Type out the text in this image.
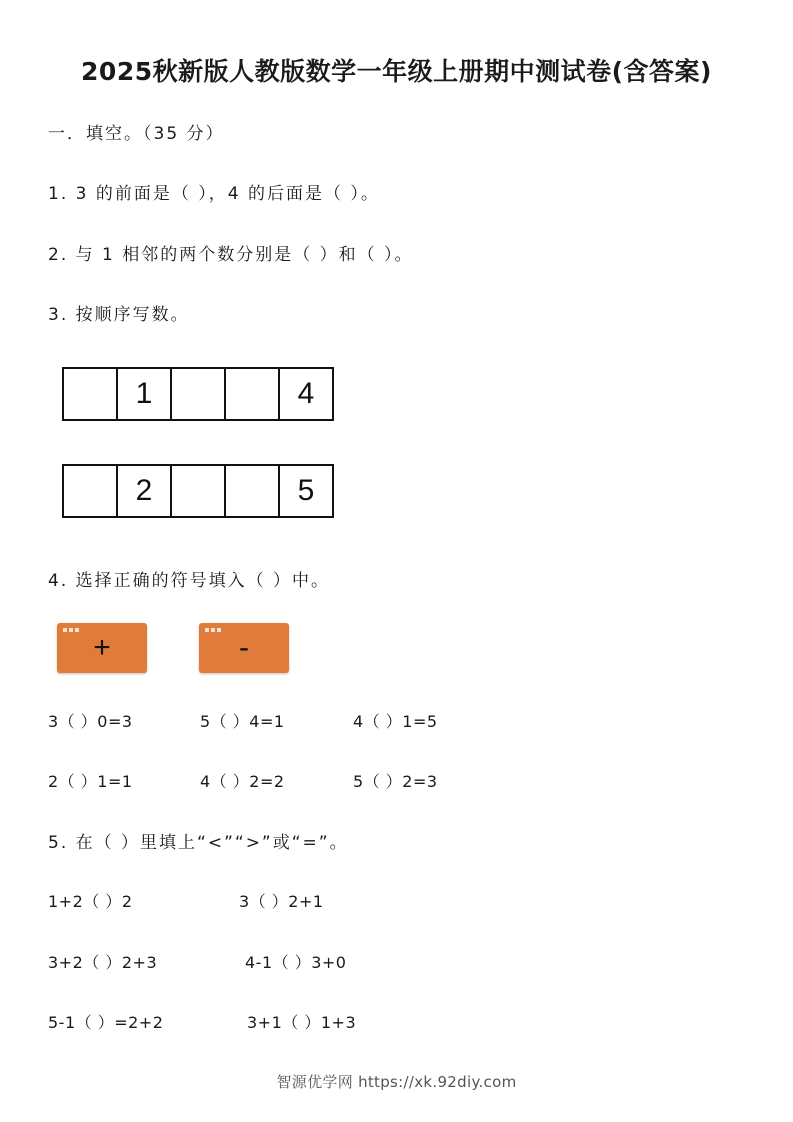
2025秋新版人教版数学一年级上册期中测试卷(含答案)
一．填空。（35 分）
1. 3 的前面是（ ），4 的后面是（ ）。
2. 与 1 相邻的两个数分别是（ ）和（ ）。
3. 按顺序写数。
1	4
2	5
4. 选择正确的符号填入（ ）中。
+	-
3（ ）0=3	5（ ）4=1	4（ ）1=5
2（ ）1=1	4（ ）2=2	5（ ）2=3
5. 在（ ）里填上“<”“>”或“=”。
1+2（ ）2	3（ ）2+1
3+2（ ）2+3	4-1（ ）3+0
5-1（ ）=2+2	3+1（ ）1+3
智源优学网 https://xk.92diy.com
